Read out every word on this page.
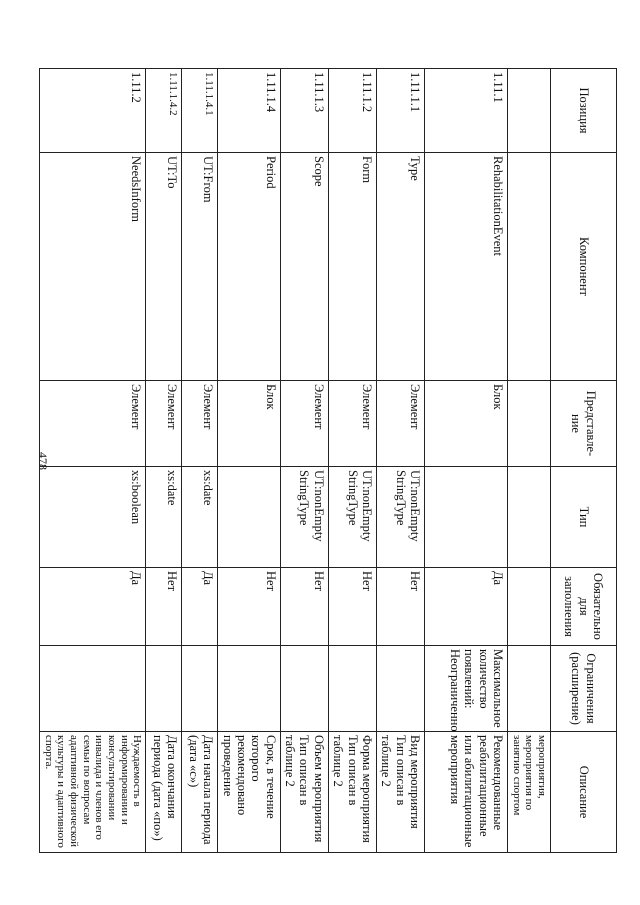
478
Позиция	Компонент	Представле-ние	Тип	Обязательно для заполнения	Ограничения (расширение)	Описание
						мероприятия, мероприятия по занятию спортом
1.11.1	RehabilitationEvent	Блок		Да	Максимальное количество появлений: Неограниченно	Рекомендованные реабилитационные или абилитационные мероприятия
1.11.1.1	Type	Элемент	UT:nonEmpty StringType	Нет		Вид мероприятия Тип описан в таблице 2
1.11.1.2	Form	Элемент	UT:nonEmpty StringType	Нет		Форма мероприятия Тип описан в таблице 2
1.11.1.3	Scope	Элемент	UT:nonEmpty StringType	Нет		Объем мероприятия Тип описан в таблице 2
1.11.1.4	Period	Блок		Нет		Срок, в течение которого рекомендовано проведение
1.11.1.4.1	UT:From	Элемент	xs:date	Да		Дата начала периода (дата «с»)
1.11.1.4.2	UT:To	Элемент	xs:date	Нет		Дата окончания периода (дата «по»)
1.11.2	NeedsInform	Элемент	xs:boolean	Да		Нуждаемость в информировании и консультировании инвалида и членов его семьи по вопросам адаптивной физической культуры и адаптивного спорта.
